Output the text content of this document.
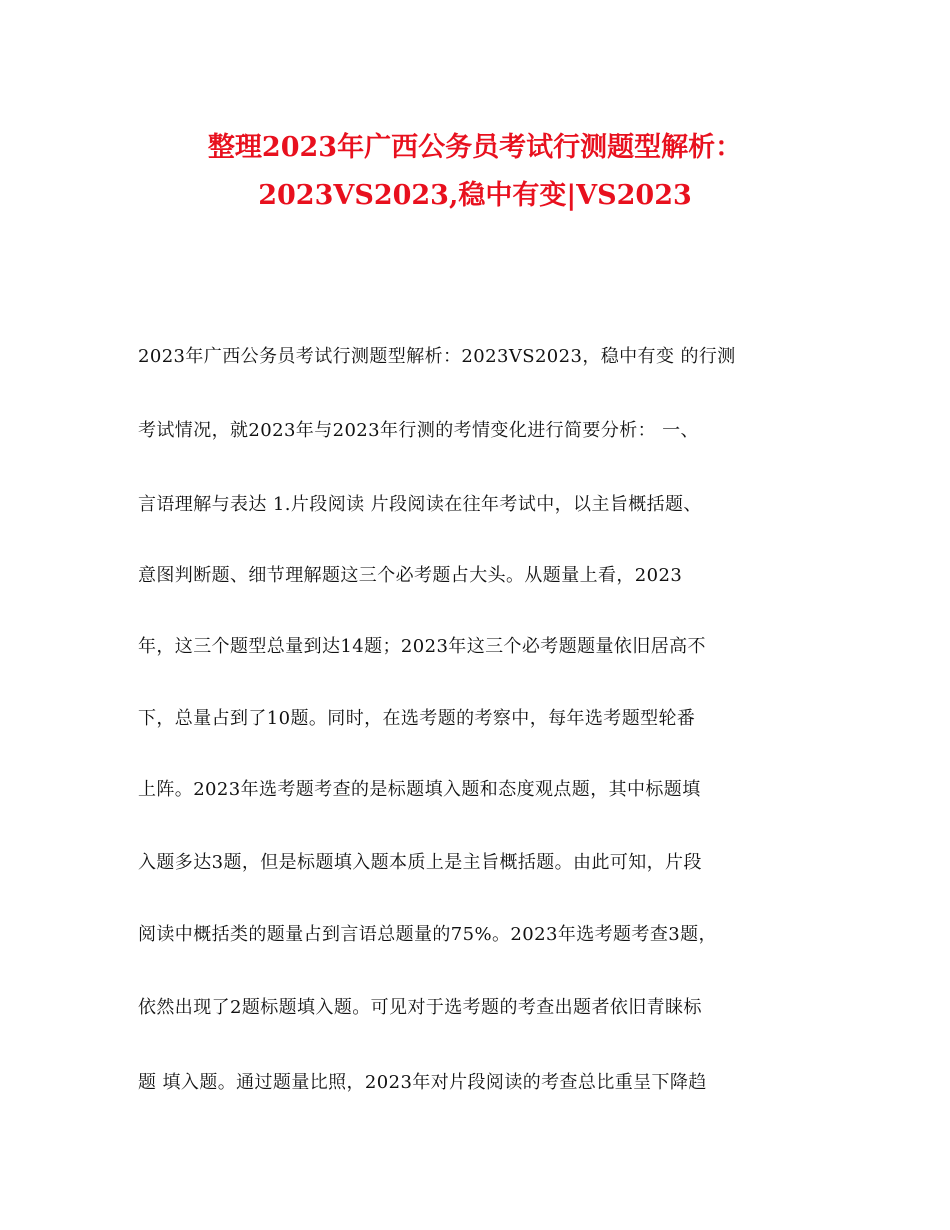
整理2023年广西公务员考试行测题型解析：
2023VS2023,稳中有变|VS2023
2023年广西公务员考试行测题型解析：2023VS2023，稳中有变 的行测
考试情况，就2023年与2023年行测的考情变化进行简要分析： 一、
言语理解与表达 1.片段阅读 片段阅读在往年考试中，以主旨概括题、
意图判断题、细节理解题这三个必考题占大头。从题量上看，2023
年，这三个题型总量到达14题；2023年这三个必考题题量依旧居高不
下，总量占到了10题。同时，在选考题的考察中，每年选考题型轮番
上阵。2023年选考题考查的是标题填入题和态度观点题，其中标题填
入题多达3题，但是标题填入题本质上是主旨概括题。由此可知，片段
阅读中概括类的题量占到言语总题量的75%。2023年选考题考查3题，
依然出现了2题标题填入题。可见对于选考题的考查出题者依旧青睐标
题 填入题。通过题量比照，2023年对片段阅读的考查总比重呈下降趋
